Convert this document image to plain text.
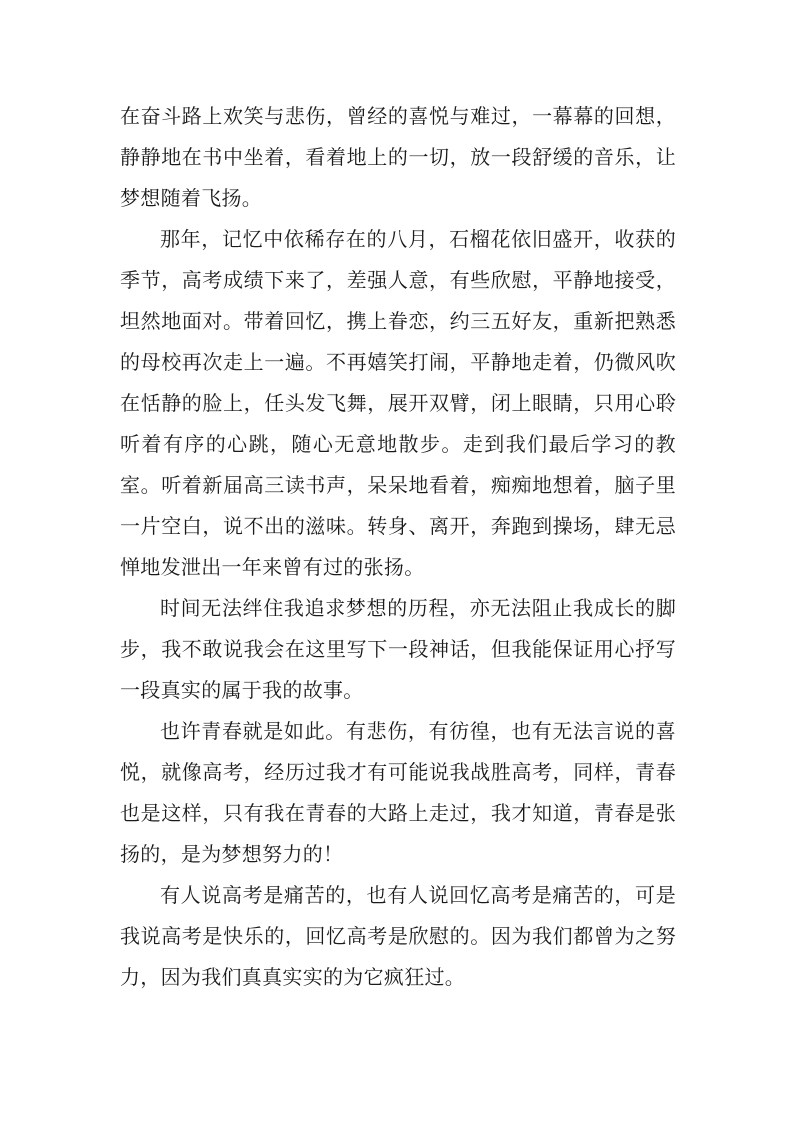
在奋斗路上欢笑与悲伤，曾经的喜悦与难过，一幕幕的回想，静静地在书中坐着，看着地上的一切，放一段舒缓的音乐，让梦想随着飞扬。

那年，记忆中依稀存在的八月，石榴花依旧盛开，收获的季节，高考成绩下来了，差强人意，有些欣慰，平静地接受，坦然地面对。带着回忆，携上眷恋，约三五好友，重新把熟悉的母校再次走上一遍。不再嬉笑打闹，平静地走着，仍微风吹在恬静的脸上，任头发飞舞，展开双臂，闭上眼睛，只用心聆听着有序的心跳，随心无意地散步。走到我们最后学习的教室。听着新届高三读书声，呆呆地看着，痴痴地想着，脑子里一片空白，说不出的滋味。转身、离开，奔跑到操场，肆无忌惮地发泄出一年来曾有过的张扬。

时间无法绊住我追求梦想的历程，亦无法阻止我成长的脚步，我不敢说我会在这里写下一段神话，但我能保证用心抒写一段真实的属于我的故事。

也许青春就是如此。有悲伤，有彷徨，也有无法言说的喜悦，就像高考，经历过我才有可能说我战胜高考，同样，青春也是这样，只有我在青春的大路上走过，我才知道，青春是张扬的，是为梦想努力的！

有人说高考是痛苦的，也有人说回忆高考是痛苦的，可是我说高考是快乐的，回忆高考是欣慰的。因为我们都曾为之努力，因为我们真真实实的为它疯狂过。
